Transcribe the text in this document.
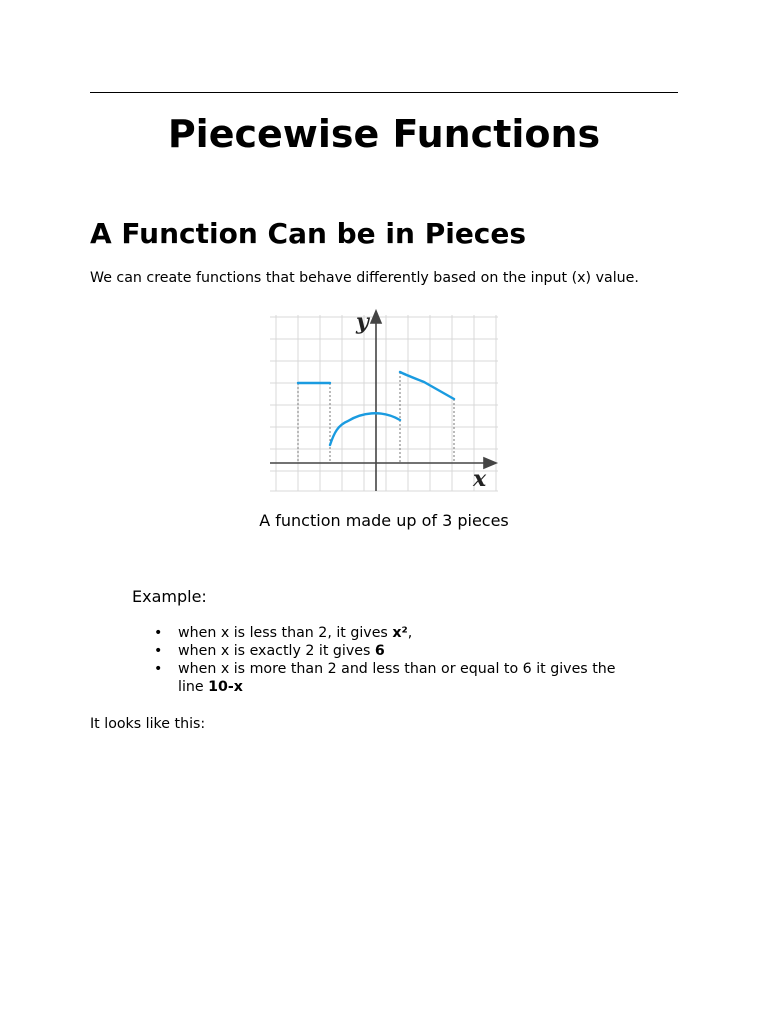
Piecewise Functions
A Function Can be in Pieces

We can create functions that behave differently based on the input (x) value.

y
x

A function made up of 3 pieces

Example:

• when x is less than 2, it gives x²,
• when x is exactly 2 it gives 6
• when x is more than 2 and less than or equal to 6 it gives the line 10-x

It looks like this:
